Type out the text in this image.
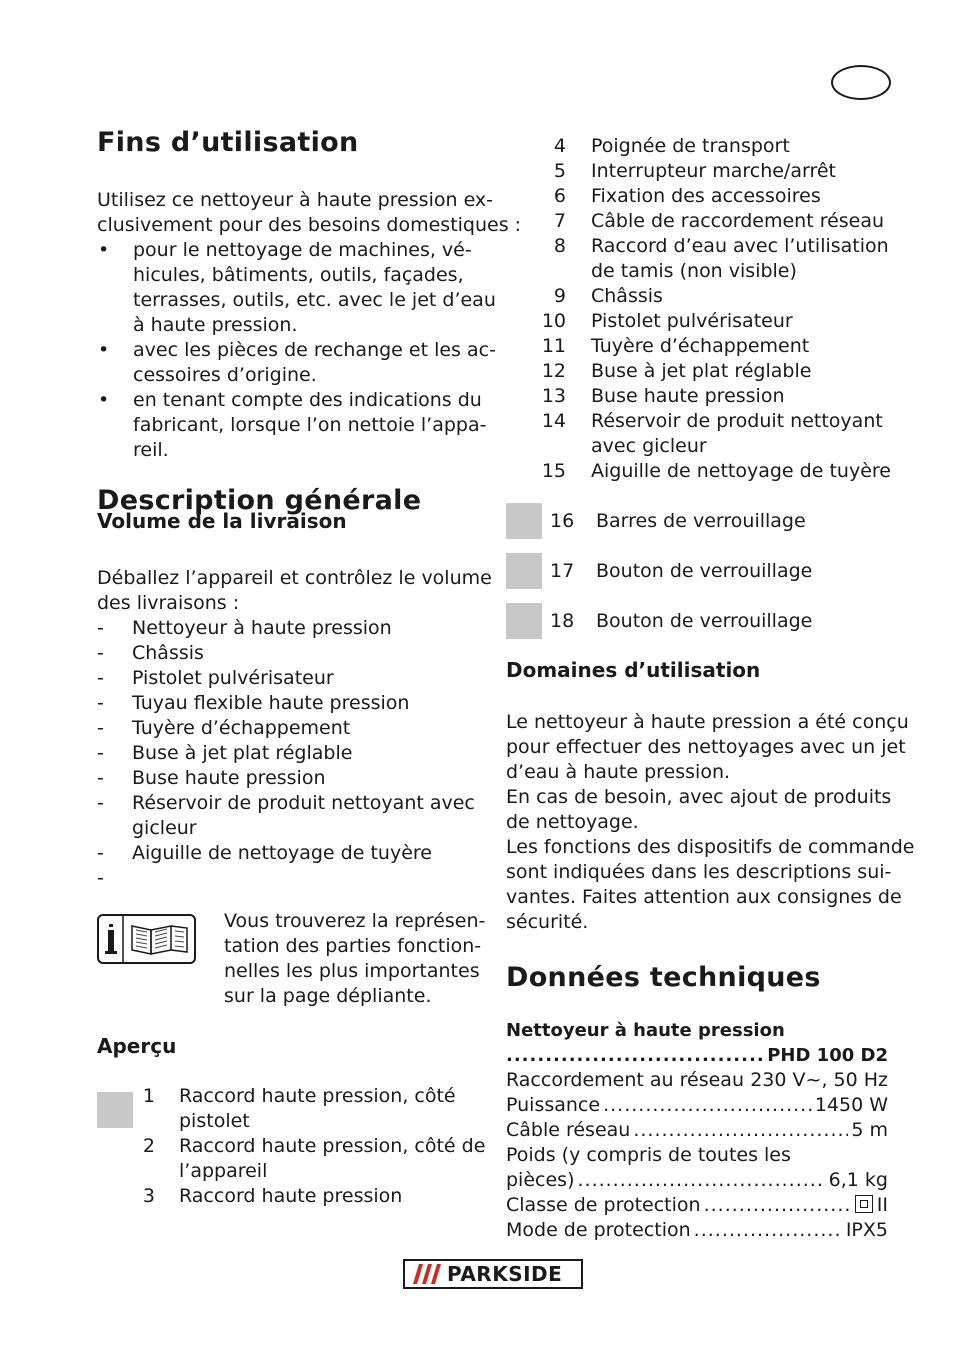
Fins d’utilisation
Utilisez ce nettoyeur à haute pression ex-
clusivement pour des besoins domestiques :
•	pour le nettoyage de machines, vé-
hicules, bâtiments, outils, façades,
terrasses, outils, etc. avec le jet d’eau
à haute pression.
•	avec les pièces de rechange et les ac-
cessoires d’origine.
•	en tenant compte des indications du
fabricant, lorsque l’on nettoie l’appa-
reil.
Description générale
Volume de la livraison
Déballez l’appareil et contrôlez le volume
des livraisons :
-	Nettoyeur à haute pression
-	Châssis
-	Pistolet pulvérisateur
-	Tuyau flexible haute pression
-	Tuyère d’échappement
-	Buse à jet plat réglable
-	Buse haute pression
-	Réservoir de produit nettoyant avec
gicleur
-	Aiguille de nettoyage de tuyère
-
Vous trouverez la représen-
tation des parties fonction-
nelles les plus importantes
sur la page dépliante.
Aperçu
1 Raccord haute pression, côté
pistolet
2 Raccord haute pression, côté de
l’appareil
3 Raccord haute pression
4 Poignée de transport
5 Interrupteur marche/arrêt
6 Fixation des accessoires
7 Câble de raccordement réseau
8 Raccord d’eau avec l’utilisation
de tamis (non visible)
9 Châssis
10 Pistolet pulvérisateur
11 Tuyère d’échappement
12 Buse à jet plat réglable
13 Buse haute pression
14 Réservoir de produit nettoyant
avec gicleur
15 Aiguille de nettoyage de tuyère
16	Barres de verrouillage
17	Bouton de verrouillage
18	Bouton de verrouillage
Domaines d’utilisation
Le nettoyeur à haute pression a été conçu
pour effectuer des nettoyages avec un jet
d’eau à haute pression.
En cas de besoin, avec ajout de produits
de nettoyage.
Les fonctions des dispositifs de commande
sont indiquées dans les descriptions sui-
vantes. Faites attention aux consignes de
sécurité.
Données techniques
Nettoyeur à haute pression
.....
PHD 100 D2
Raccordement au réseau ..... 230 V~, 50 Hz
Puissance .....	1450 W
Câble réseau .....	5 m
Poids (y compris de toutes les
pièces) .....	6,1 kg
Classe de protection .....	II
Mode de protection .....	IPX5
PARKSIDE
